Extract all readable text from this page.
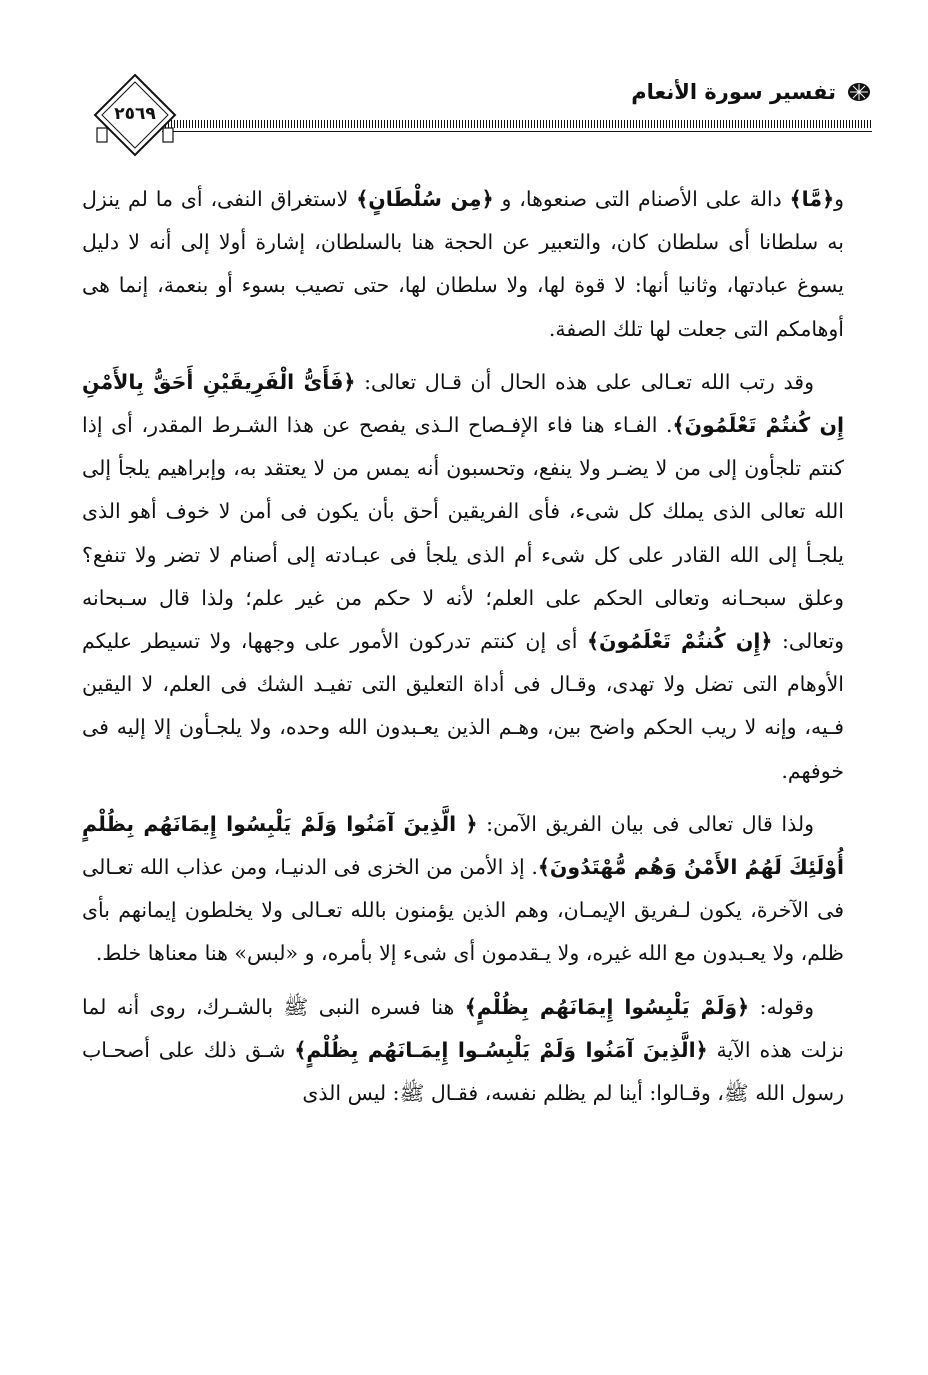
تفسير سورة الأنعام
٢٥٦٩

و﴿مَّا﴾ دالة على الأصنام التى صنعوها، و ﴿مِن سُلْطَانٍ﴾ لاستغراق النفى، أى ما لم ينزل به سلطانا أى سلطان كان، والتعبير عن الحجة هنا بالسلطان، إشارة أولا إلى أنه لا دليل يسوغ عبادتها، وثانيا أنها: لا قوة لها، ولا سلطان لها، حتى تصيب بسوء أو بنعمة، إنما هى أوهامكم التى جعلت لها تلك الصفة.

وقد رتب الله تعـالى على هذه الحال أن قـال تعالى: ﴿فَأَىُّ الْفَرِيقَيْنِ أَحَقُّ بِالأَمْنِ إِن كُنتُمْ تَعْلَمُونَ﴾. الفـاء هنا فاء الإفـصاح الـذى يفصح عن هذا الشـرط المقدر، أى إذا كنتم تلجأون إلى من لا يضـر ولا ينفع، وتحسبون أنه يمس من لا يعتقد به، وإبراهيم يلجأ إلى الله تعالى الذى يملك كل شىء، فأى الفريقين أحق بأن يكون فى أمن لا خوف أهو الذى يلجـأ إلى الله القادر على كل شىء أم الذى يلجأ فى عبـادته إلى أصنام لا تضر ولا تنفع؟ وعلق سبحـانه وتعالى الحكم على العلم؛ لأنه لا حكم من غير علم؛ ولذا قال سـبحانه وتعالى: ﴿إِن كُنتُمْ تَعْلَمُونَ﴾ أى إن كنتم تدركون الأمور على وجهها، ولا تسيطر عليكم الأوهام التى تضل ولا تهدى، وقـال فى أداة التعليق التى تفيـد الشك فى العلم، لا اليقين فـيه، وإنه لا ريب الحكم واضح بين، وهـم الذين يعـبدون الله وحده، ولا يلجـأون إلا إليه فى خوفهم.

ولذا قال تعالى فى بيان الفريق الآمن: ﴿ الَّذِينَ آمَنُوا وَلَمْ يَلْبِسُوا إِيمَانَهُم بِظُلْمٍ أُوْلَئِكَ لَهُمُ الأَمْنُ وَهُم مُّهْتَدُونَ﴾. إذ الأمن من الخزى فى الدنيـا، ومن عذاب الله تعـالى فى الآخرة، يكون لـفريق الإيمـان، وهم الذين يؤمنون بالله تعـالى ولا يخلطون إيمانهم بأى ظلم، ولا يعـبدون مع الله غيره، ولا يـقدمون أى شىء إلا بأمره، و «لبس» هنا معناها خلط.

وقوله: ﴿وَلَمْ يَلْبِسُوا إِيمَانَهُم بِظُلْمٍ﴾ هنا فسره النبى ﷺ بالشـرك، روى أنه لما نزلت هذه الآية ﴿الَّذِينَ آمَنُوا وَلَمْ يَلْبِسُـوا إِيمَـانَهُم بِظُلْمٍ﴾ شـق ذلك على أصحـاب رسول الله ﷺ، وقـالوا: أينا لم يظلم نفسه، فقـال ﷺ: ليس الذى
